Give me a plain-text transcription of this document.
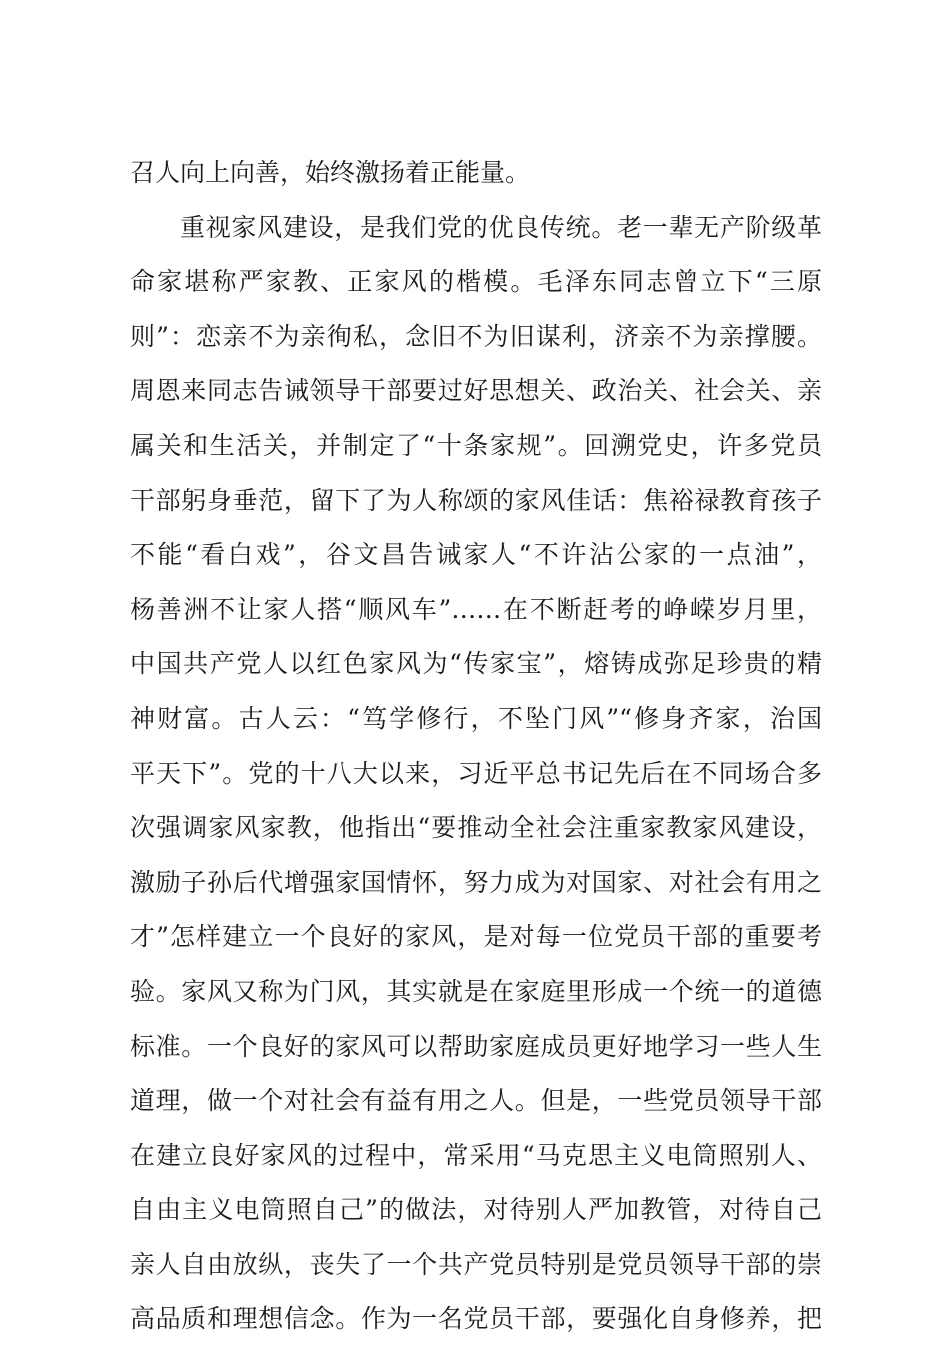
召人向上向善，始终激扬着正能量。
重视家风建设，是我们党的优良传统。老一辈无产阶级革
命家堪称严家教、正家风的楷模。毛泽东同志曾立下“三原
则”：恋亲不为亲徇私，念旧不为旧谋利，济亲不为亲撑腰。
周恩来同志告诫领导干部要过好思想关、政治关、社会关、亲
属关和生活关，并制定了“十条家规”。回溯党史，许多党员
干部躬身垂范，留下了为人称颂的家风佳话：焦裕禄教育孩子
不能“看白戏”，谷文昌告诫家人“不许沾公家的一点油”，
杨善洲不让家人搭“顺风车”……在不断赶考的峥嵘岁月里，
中国共产党人以红色家风为“传家宝”，熔铸成弥足珍贵的精
神财富。古人云：“笃学修行，不坠门风”“修身齐家，治国
平天下”。党的十八大以来，习近平总书记先后在不同场合多
次强调家风家教，他指出“要推动全社会注重家教家风建设，
激励子孙后代增强家国情怀，努力成为对国家、对社会有用之
才”怎样建立一个良好的家风，是对每一位党员干部的重要考
验。家风又称为门风，其实就是在家庭里形成一个统一的道德
标准。一个良好的家风可以帮助家庭成员更好地学习一些人生
道理，做一个对社会有益有用之人。但是，一些党员领导干部
在建立良好家风的过程中，常采用“马克思主义电筒照别人、
自由主义电筒照自己”的做法，对待别人严加教管，对待自己
亲人自由放纵，丧失了一个共产党员特别是党员领导干部的崇
高品质和理想信念。作为一名党员干部，要强化自身修养，把
